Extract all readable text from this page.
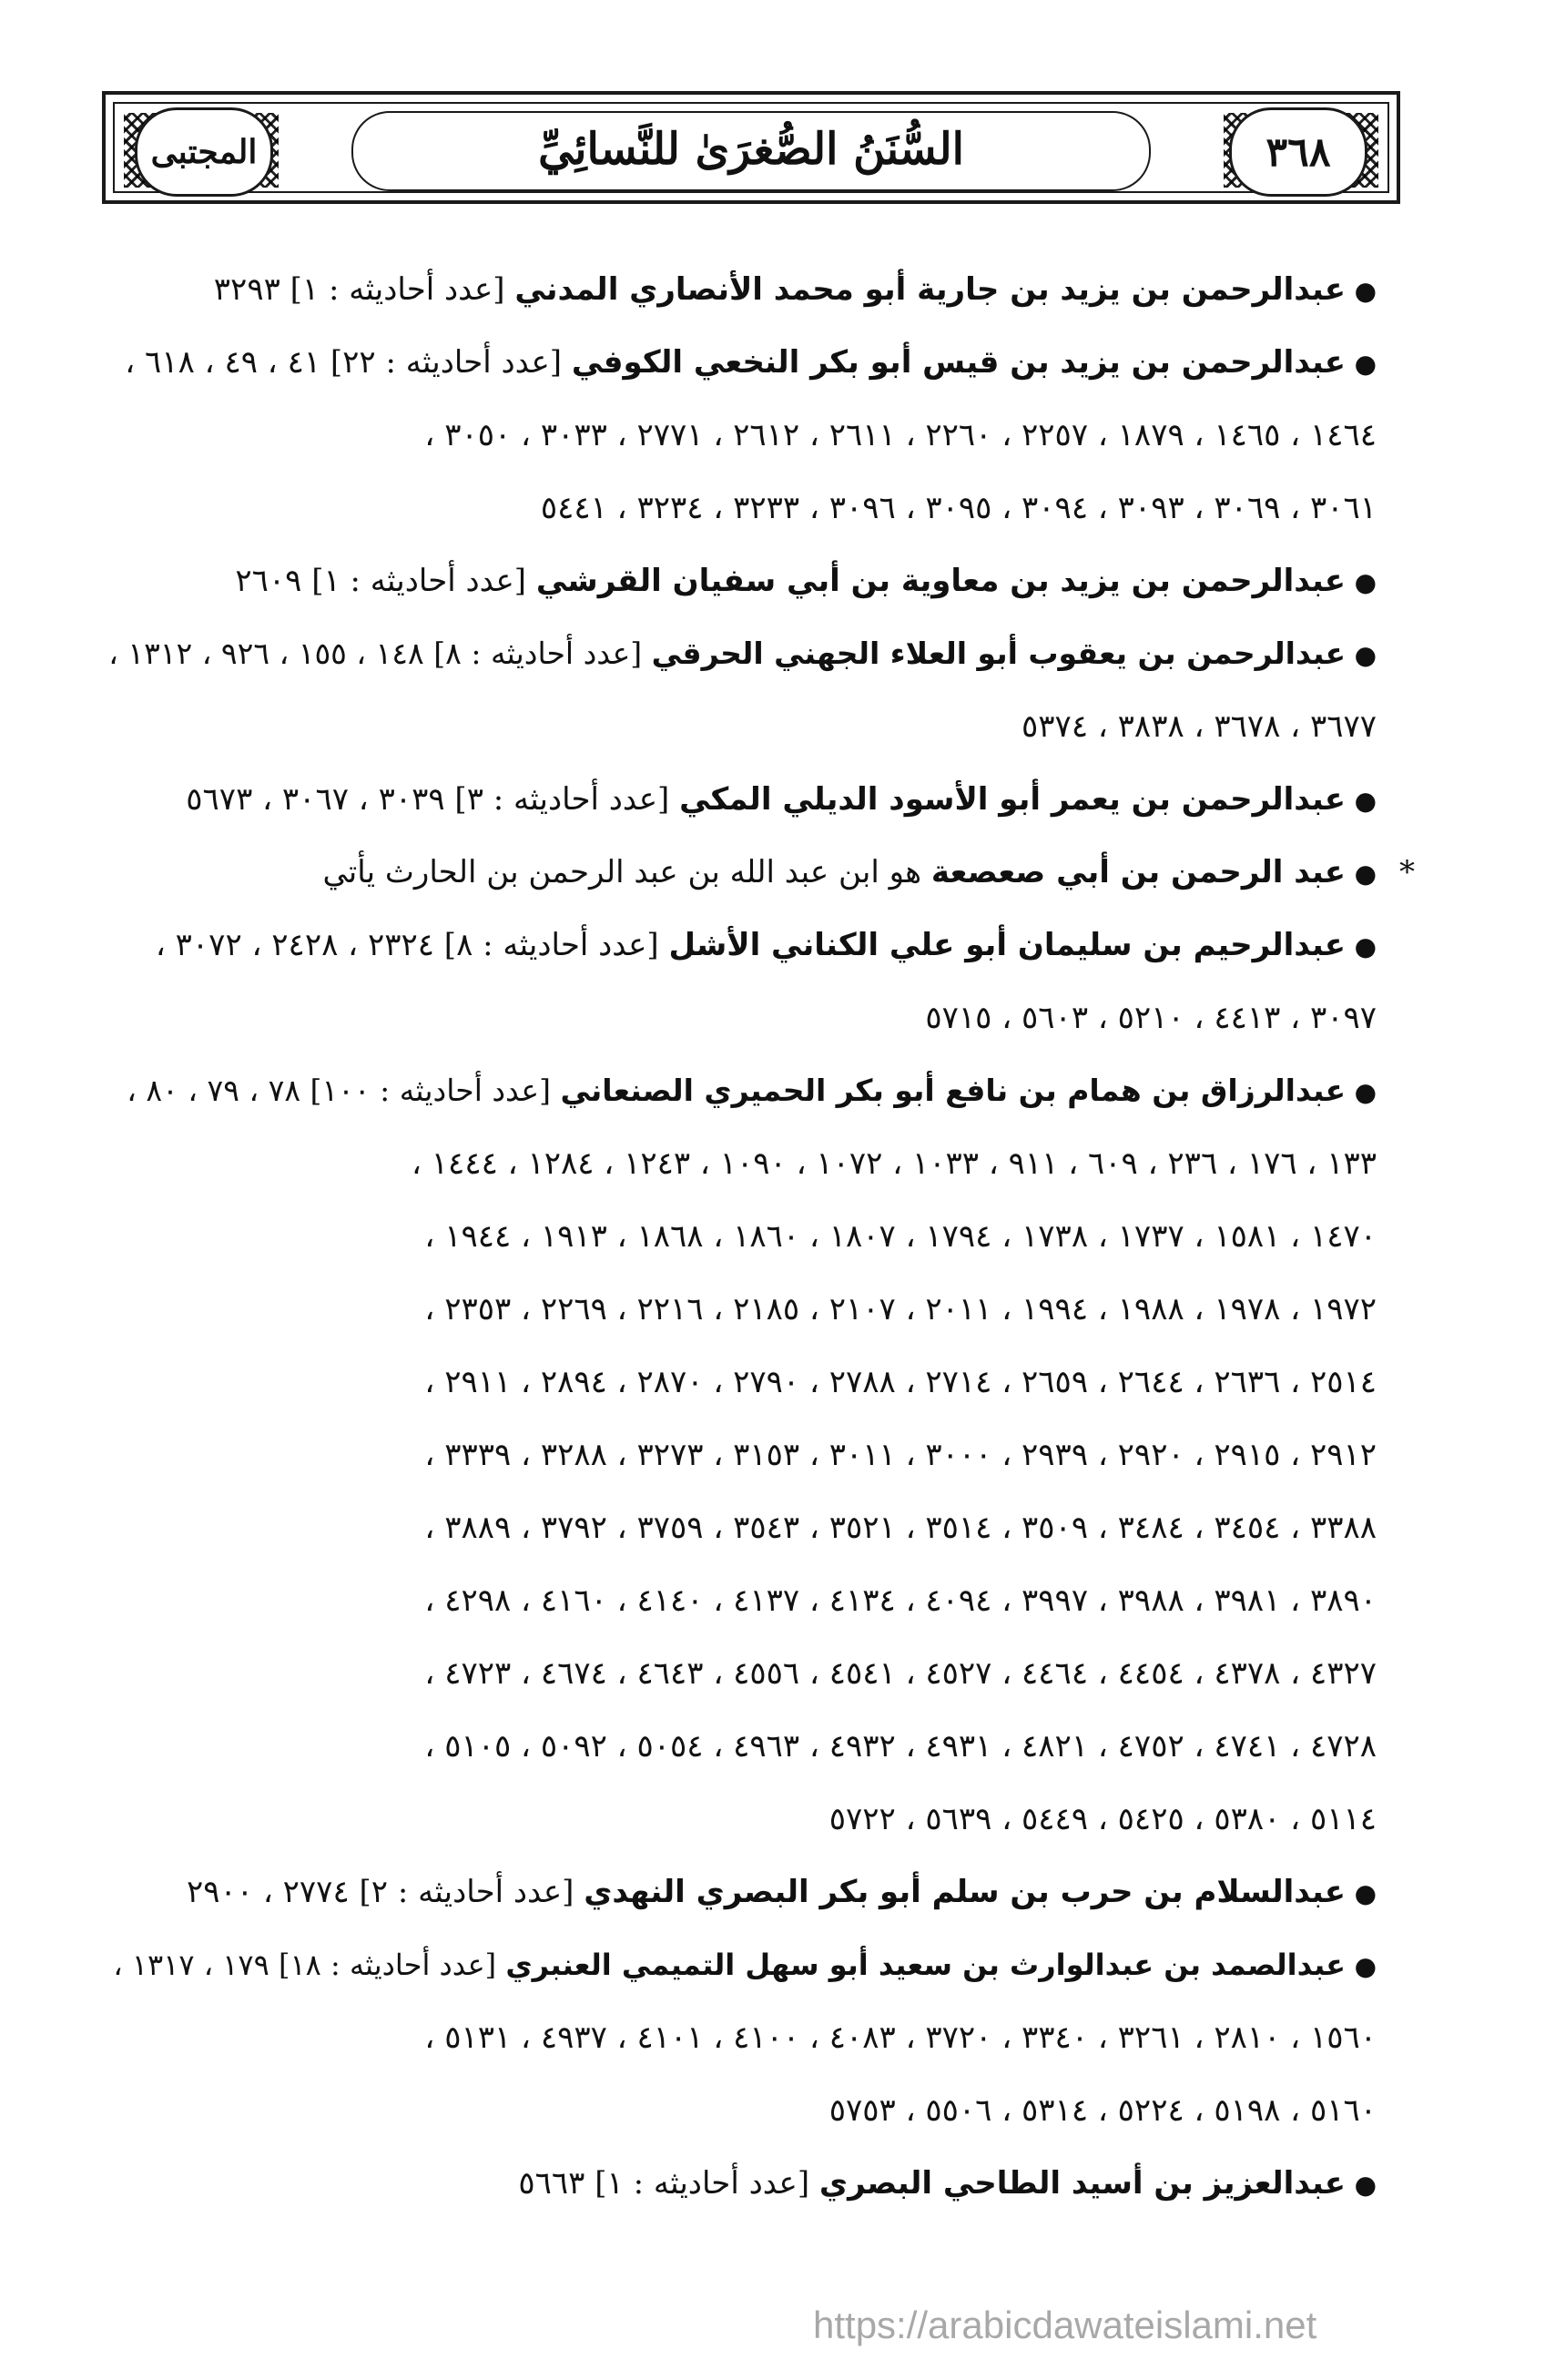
٣٦٨
المجتبى	السُّنَنُ الصُّغرَىٰ للنَّسائِيِّ
●عبدالرحمن بن يزيد بن جارية أبو محمد الأنصاري المدني [عدد أحاديثه : ١] ٣٢٩٣
●عبدالرحمن بن يزيد بن قيس أبو بكر النخعي الكوفي [عدد أحاديثه : ٢٢] ٤١ ، ٤٩ ، ٦١٨ ،
١٤٦٤ ، ١٤٦٥ ، ١٨٧٩ ، ٢٢٥٧ ، ٢٢٦٠ ، ٢٦١١ ، ٢٦١٢ ، ٢٧٧١ ، ٣٠٣٣ ، ٣٠٥٠ ،
٣٠٦١ ، ٣٠٦٩ ، ٣٠٩٣ ، ٣٠٩٤ ، ٣٠٩٥ ، ٣٠٩٦ ، ٣٢٣٣ ، ٣٢٣٤ ، ٥٤٤١
●عبدالرحمن بن يزيد بن معاوية بن أبي سفيان القرشي [عدد أحاديثه : ١] ٢٦٠٩
●عبدالرحمن بن يعقوب أبو العلاء الجهني الحرقي [عدد أحاديثه : ٨] ١٤٨ ، ١٥٥ ، ٩٢٦ ، ١٣١٢ ،
٣٦٧٧ ، ٣٦٧٨ ، ٣٨٣٨ ، ٥٣٧٤
●عبدالرحمن بن يعمر أبو الأسود الديلي المكي [عدد أحاديثه : ٣] ٣٠٣٩ ، ٣٠٦٧ ، ٥٦٧٣
*
●عبد الرحمن بن أبي صعصعة هو ابن عبد الله بن عبد الرحمن بن الحارث يأتي
●عبدالرحيم بن سليمان أبو علي الكناني الأشل [عدد أحاديثه : ٨] ٢٣٢٤ ، ٢٤٢٨ ، ٣٠٧٢ ،
٣٠٩٧ ، ٤٤١٣ ، ٥٢١٠ ، ٥٦٠٣ ، ٥٧١٥
●عبدالرزاق بن همام بن نافع أبو بكر الحميري الصنعاني [عدد أحاديثه : ١٠٠] ٧٨ ، ٧٩ ، ٨٠ ،
١٣٣ ، ١٧٦ ، ٢٣٦ ، ٦٠٩ ، ٩١١ ، ١٠٣٣ ، ١٠٧٢ ، ١٠٩٠ ، ١٢٤٣ ، ١٢٨٤ ، ١٤٤٤ ،
١٤٧٠ ، ١٥٨١ ، ١٧٣٧ ، ١٧٣٨ ، ١٧٩٤ ، ١٨٠٧ ، ١٨٦٠ ، ١٨٦٨ ، ١٩١٣ ، ١٩٤٤ ،
١٩٧٢ ، ١٩٧٨ ، ١٩٨٨ ، ١٩٩٤ ، ٢٠١١ ، ٢١٠٧ ، ٢١٨٥ ، ٢٢١٦ ، ٢٢٦٩ ، ٢٣٥٣ ،
٢٥١٤ ، ٢٦٣٦ ، ٢٦٤٤ ، ٢٦٥٩ ، ٢٧١٤ ، ٢٧٨٨ ، ٢٧٩٠ ، ٢٨٧٠ ، ٢٨٩٤ ، ٢٩١١ ،
٢٩١٢ ، ٢٩١٥ ، ٢٩٢٠ ، ٢٩٣٩ ، ٣٠٠٠ ، ٣٠١١ ، ٣١٥٣ ، ٣٢٧٣ ، ٣٢٨٨ ، ٣٣٣٩ ،
٣٣٨٨ ، ٣٤٥٤ ، ٣٤٨٤ ، ٣٥٠٩ ، ٣٥١٤ ، ٣٥٢١ ، ٣٥٤٣ ، ٣٧٥٩ ، ٣٧٩٢ ، ٣٨٨٩ ،
٣٨٩٠ ، ٣٩٨١ ، ٣٩٨٨ ، ٣٩٩٧ ، ٤٠٩٤ ، ٤١٣٤ ، ٤١٣٧ ، ٤١٤٠ ، ٤١٦٠ ، ٤٢٩٨ ،
٤٣٢٧ ، ٤٣٧٨ ، ٤٤٥٤ ، ٤٤٦٤ ، ٤٥٢٧ ، ٤٥٤١ ، ٤٥٥٦ ، ٤٦٤٣ ، ٤٦٧٤ ، ٤٧٢٣ ،
٤٧٢٨ ، ٤٧٤١ ، ٤٧٥٢ ، ٤٨٢١ ، ٤٩٣١ ، ٤٩٣٢ ، ٤٩٦٣ ، ٥٠٥٤ ، ٥٠٩٢ ، ٥١٠٥ ،
٥١١٤ ، ٥٣٨٠ ، ٥٤٢٥ ، ٥٤٤٩ ، ٥٦٣٩ ، ٥٧٢٢
●عبدالسلام بن حرب بن سلم أبو بكر البصري النهدي [عدد أحاديثه : ٢] ٢٧٧٤ ، ٢٩٠٠
●عبدالصمد بن عبدالوارث بن سعيد أبو سهل التميمي العنبري [عدد أحاديثه : ١٨] ١٧٩ ، ١٣١٧ ،
١٥٦٠ ، ٢٨١٠ ، ٣٢٦١ ، ٣٣٤٠ ، ٣٧٢٠ ، ٤٠٨٣ ، ٤١٠٠ ، ٤١٠١ ، ٤٩٣٧ ، ٥١٣١ ،
٥١٦٠ ، ٥١٩٨ ، ٥٢٢٤ ، ٥٣١٤ ، ٥٥٠٦ ، ٥٧٥٣
●عبدالعزيز بن أسيد الطاحي البصري [عدد أحاديثه : ١] ٥٦٦٣
https://arabicdawateislami.net
